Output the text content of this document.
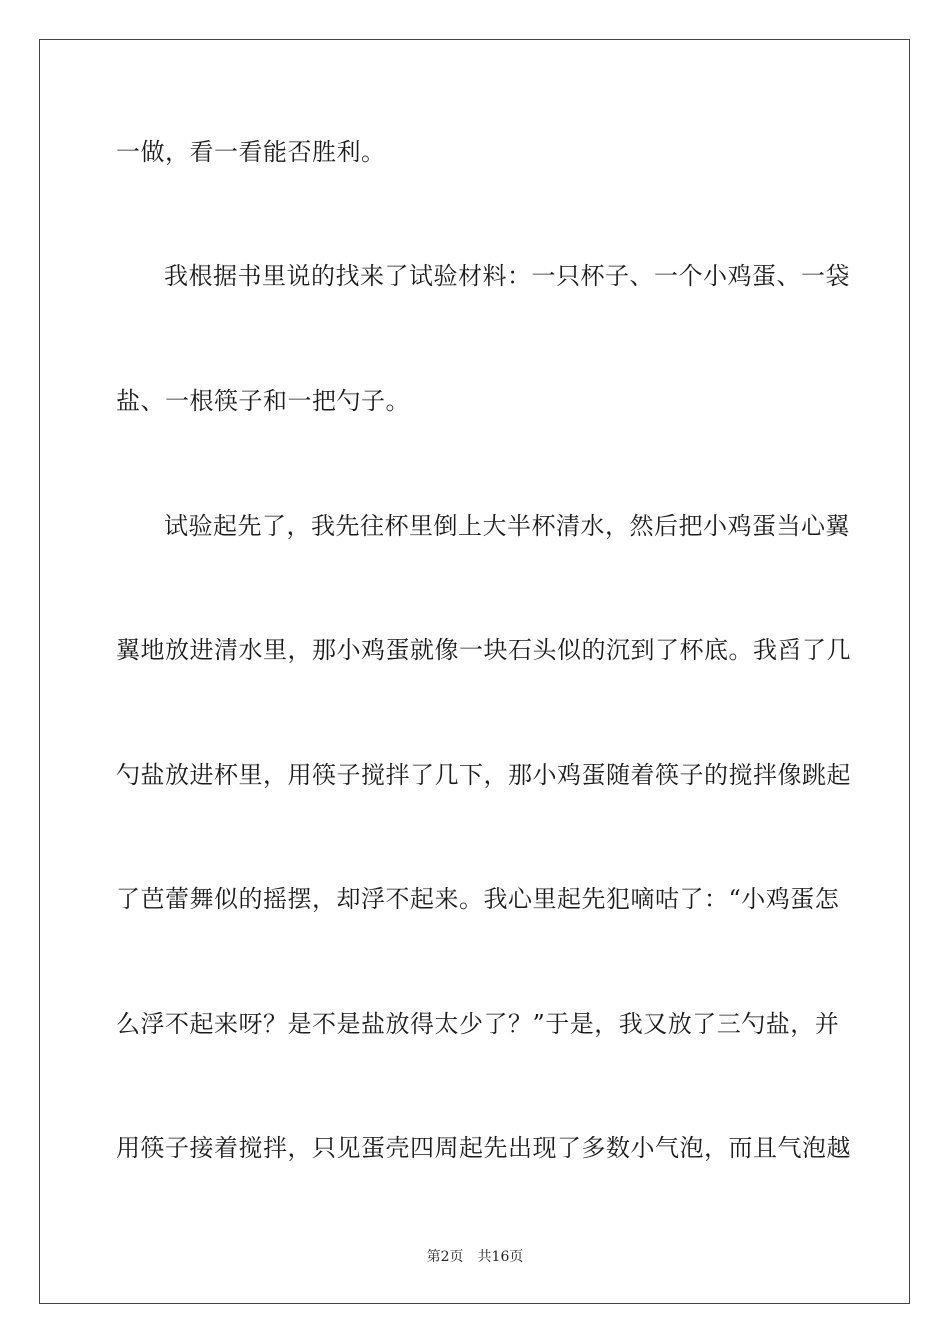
一做，看一看能否胜利。
我根据书里说的找来了试验材料：一只杯子、一个小鸡蛋、一袋
盐、一根筷子和一把勺子。
试验起先了，我先往杯里倒上大半杯清水，然后把小鸡蛋当心翼
翼地放进清水里，那小鸡蛋就像一块石头似的沉到了杯底。我舀了几
勺盐放进杯里，用筷子搅拌了几下，那小鸡蛋随着筷子的搅拌像跳起
了芭蕾舞似的摇摆，却浮不起来。我心里起先犯嘀咕了：“小鸡蛋怎
么浮不起来呀？是不是盐放得太少了？”于是，我又放了三勺盐，并
用筷子接着搅拌，只见蛋壳四周起先出现了多数小气泡，而且气泡越
第2页 共16页
